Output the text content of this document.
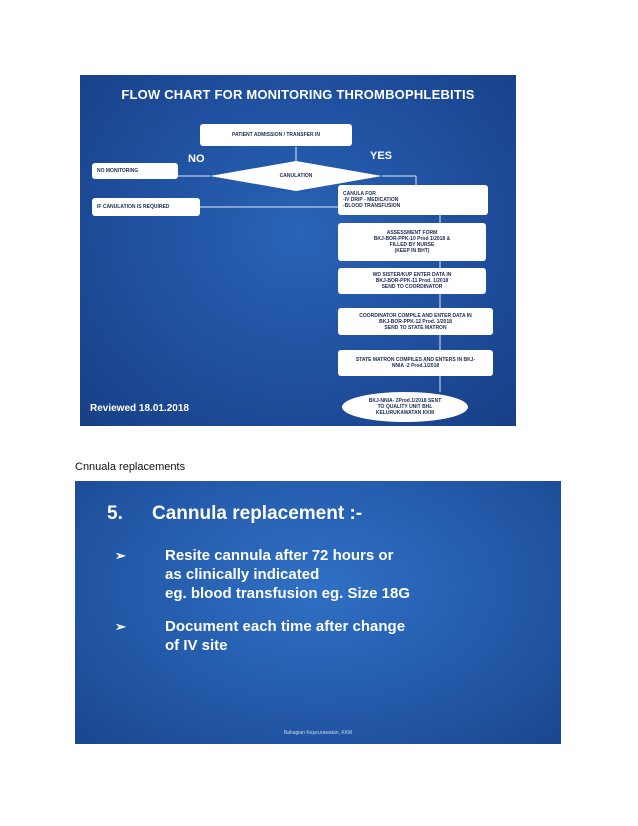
FLOW CHART FOR MONITORING THROMBOPHLEBITIS
PATIENT ADMISSION / TRANSFER IN
CANULATION
NO	YES
NO MONITORING
IF CANULATION IS REQUIRED
CANULA FOR
-IV DRIP - MEDICATION
-BLOOD TRANSFUSION
ASSESSMENT FORM
BKJ-BOR-PPK-10 Prod 1/2018 &
FILLED BY NURSE
(KEEP IN BHT)
WD SISTER/KUP ENTER DATA IN
BKJ-BOR-PPK-11 Prod. 1/2018
SEND TO COORDINATOR
COORDINATOR COMPILE AND ENTER DATA IN
BKJ-BOR-PPK-12 Prod. 1/2018
SEND TO STATE MATRON
STATE MATRON COMPILES AND ENTERS IN BKJ-
NNIA -2 Prod.1/2018
BKJ-NNIA- 2Prod.1/2018 SENT
TO QUALITY UNIT BHL
KELURUKAWATAN KKM
Reviewed 18.01.2018
Cnnuala replacements
5. Cannula replacement :-
➢	Resite cannula after 72 hours or
as clinically indicated
eg. blood transfusion eg. Size 18G
➢	Document each time after change
of IV site
Bahagian Kejururawatan, KKM
